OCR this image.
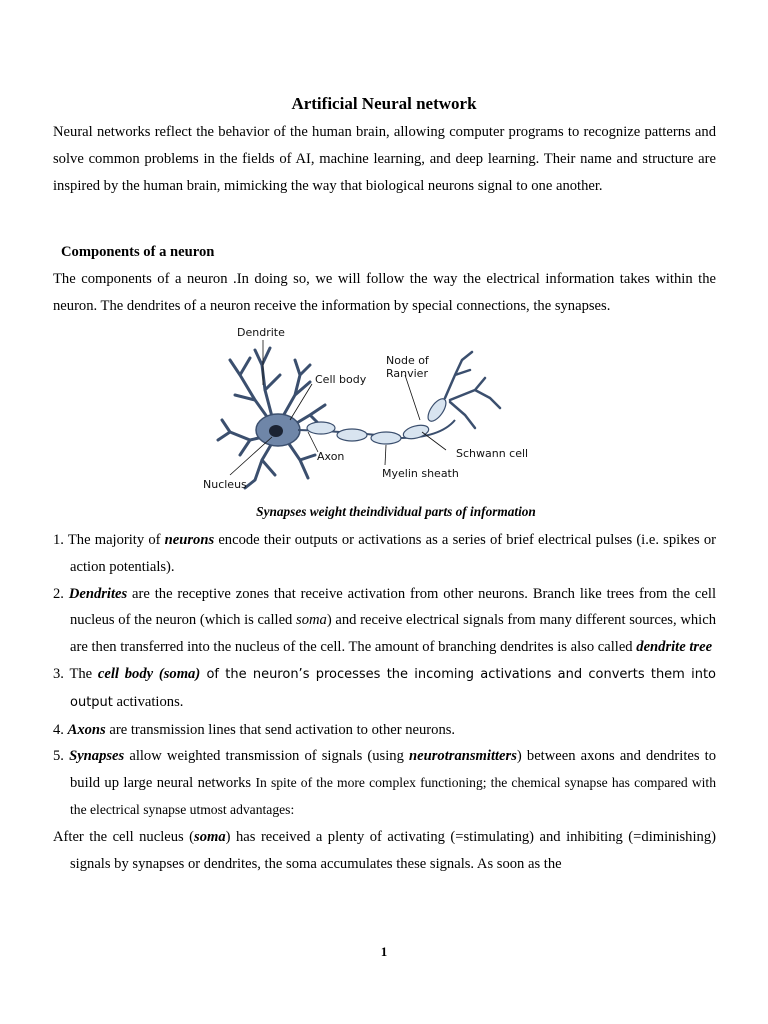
Artificial Neural network
Neural networks reflect the behavior of the human brain, allowing computer programs to recognize patterns and solve common problems in the fields of AI, machine learning, and deep learning. Their name and structure are inspired by the human brain, mimicking the way that biological neurons signal to one another.
Components of a neuron
The components of a neuron .In doing so, we will follow the way the electrical information takes within the neuron. The dendrites of a neuron receive the information by special connections, the synapses.
Dendrite
Cell body
Node of
Ranvier
Axon	Schwann cell
Nucleus
Myelin sheath
Synapses weight theindividual parts of information
1. The majority of neurons encode their outputs or activations as a series of brief electrical pulses (i.e. spikes or action potentials).
2. Dendrites are the receptive zones that receive activation from other neurons. Branch like trees from the cell nucleus of the neuron (which is called soma) and receive electrical signals from many different sources, which are then transferred into the nucleus of the cell. The amount of branching dendrites is also called dendrite tree
3. The cell body (soma) of the neuron’s processes the incoming activations and converts them into output activations.
4. Axons are transmission lines that send activation to other neurons.
5. Synapses allow weighted transmission of signals (using neurotransmitters) between axons and dendrites to build up large neural networks In spite of the more complex functioning; the chemical synapse has compared with the electrical synapse utmost advantages:
After the cell nucleus (soma) has received a plenty of activating (=stimulating) and inhibiting (=diminishing) signals by synapses or dendrites, the soma accumulates these signals. As soon as the
1
